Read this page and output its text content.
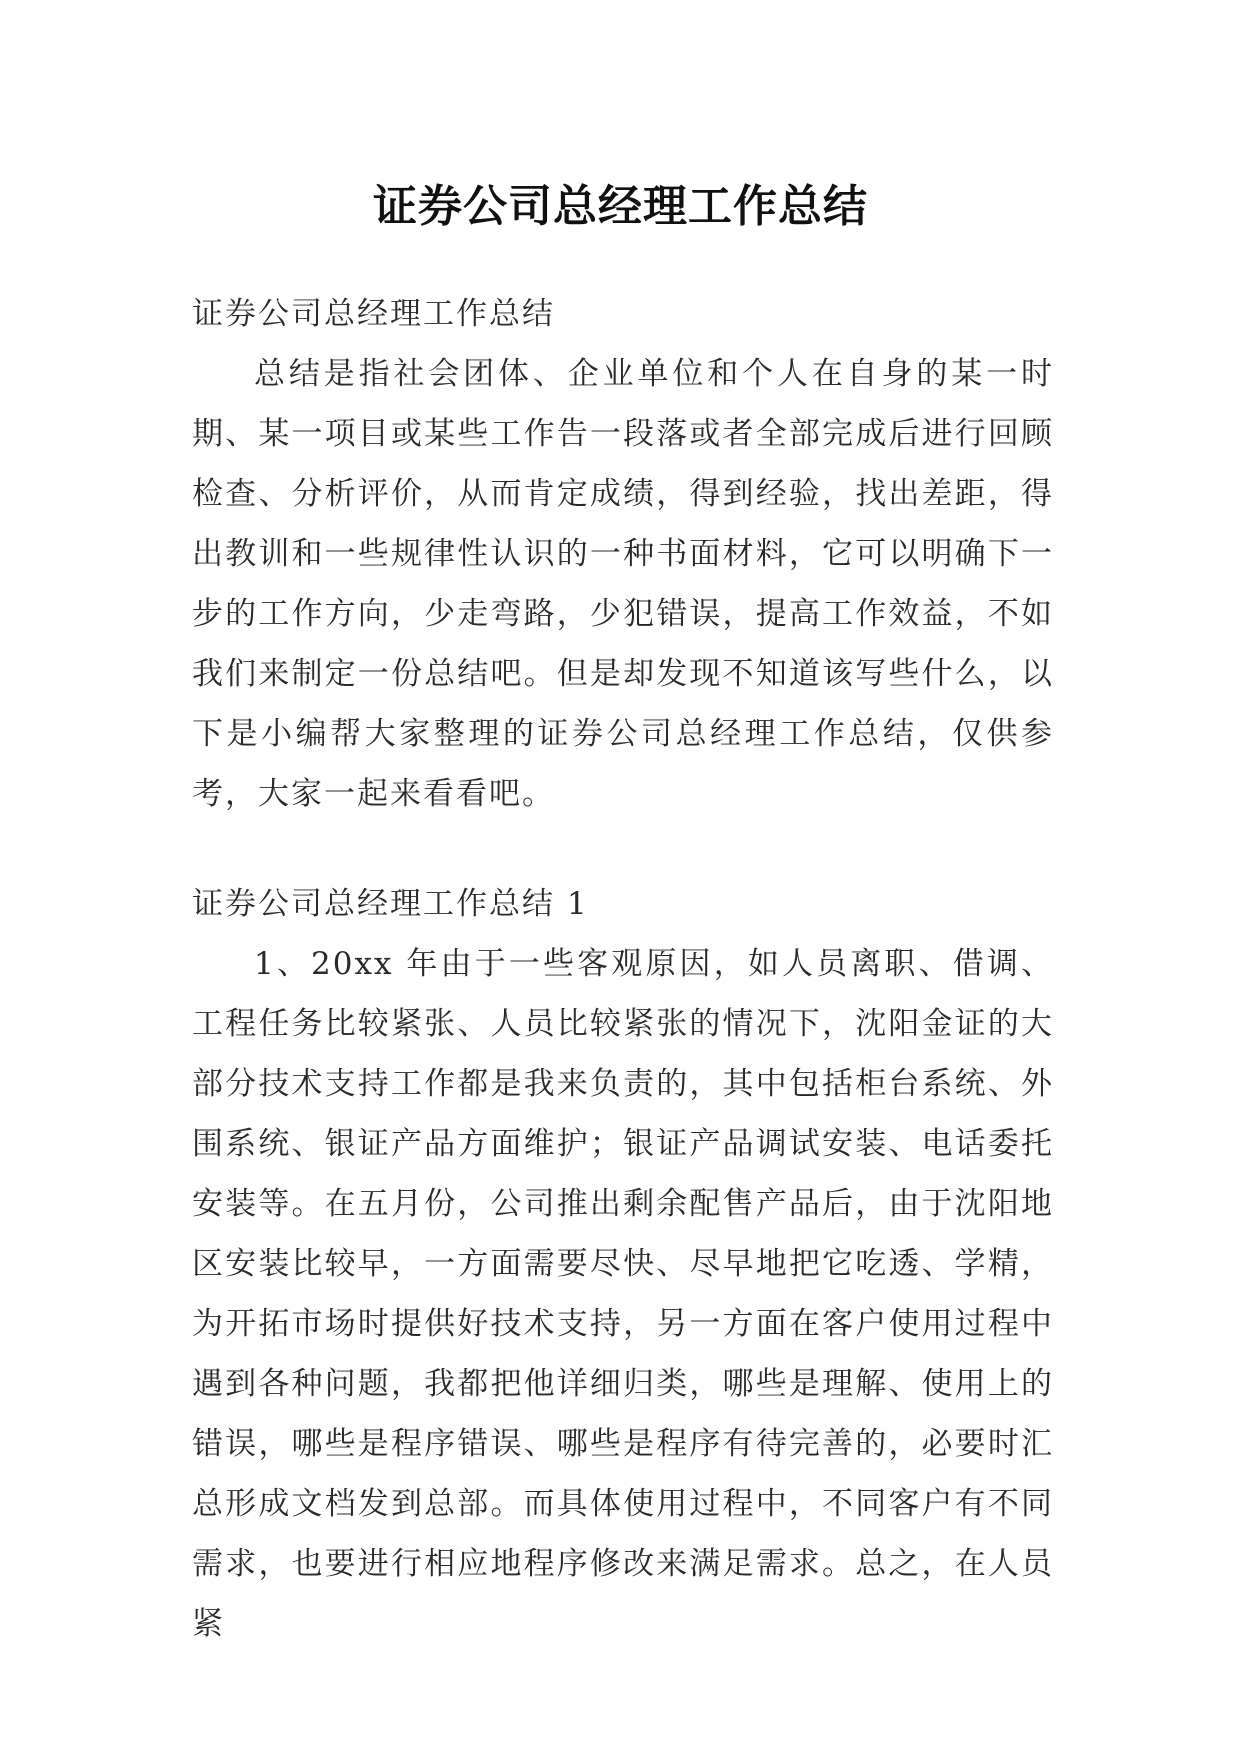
证券公司总经理工作总结

证券公司总经理工作总结

总结是指社会团体、企业单位和个人在自身的某一时期、某一项目或某些工作告一段落或者全部完成后进行回顾检查、分析评价，从而肯定成绩，得到经验，找出差距，得出教训和一些规律性认识的一种书面材料，它可以明确下一步的工作方向，少走弯路，少犯错误，提高工作效益，不如我们来制定一份总结吧。但是却发现不知道该写些什么，以下是小编帮大家整理的证券公司总经理工作总结，仅供参考，大家一起来看看吧。

证券公司总经理工作总结 1

1、20xx 年由于一些客观原因，如人员离职、借调、工程任务比较紧张、人员比较紧张的情况下，沈阳金证的大部分技术支持工作都是我来负责的，其中包括柜台系统、外围系统、银证产品方面维护；银证产品调试安装、电话委托安装等。在五月份，公司推出剩余配售产品后，由于沈阳地区安装比较早，一方面需要尽快、尽早地把它吃透、学精，为开拓市场时提供好技术支持，另一方面在客户使用过程中遇到各种问题，我都把他详细归类，哪些是理解、使用上的错误，哪些是程序错误、哪些是程序有待完善的，必要时汇总形成文档发到总部。而具体使用过程中，不同客户有不同需求，也要进行相应地程序修改来满足需求。总之，在人员紧
